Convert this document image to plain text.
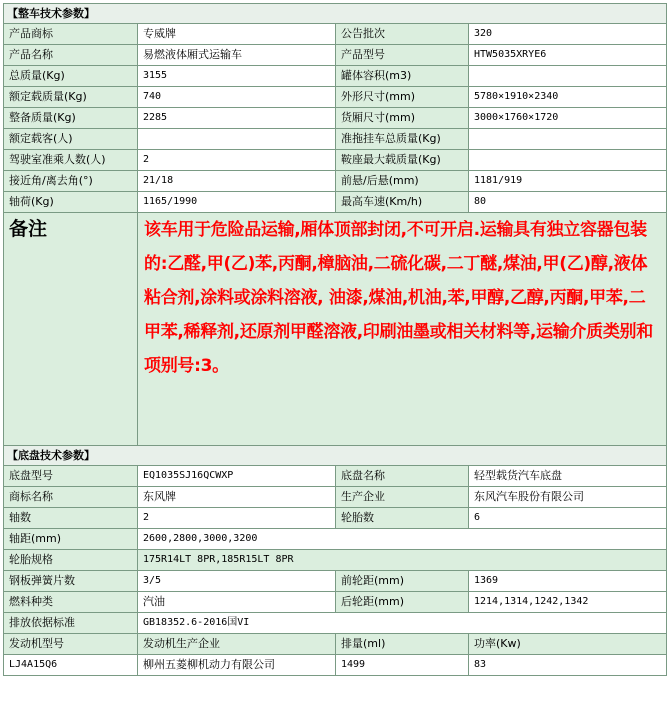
【整车技术参数】			
产品商标	专威牌	公告批次	320
产品名称	易燃液体厢式运输车	产品型号	HTW5035XRYE6
总质量(Kg)	3155	罐体容积(m3)	
额定载质量(Kg)	740	外形尺寸(mm)	5780×1910×2340
整备质量(Kg)	2285	货厢尺寸(mm)	3000×1760×1720
额定载客(人)		准拖挂车总质量(Kg)	
驾驶室准乘人数(人)	2	鞍座最大载质量(Kg)	
接近角/离去角(°)	21/18	前悬/后悬(mm)	1181/919
轴荷(Kg)	1165/1990	最高车速(Km/h)	80
备注	该车用于危险品运输,厢体顶部封闭,不可开启.运输具有独立容器包装的:乙醛,甲(乙)苯,丙酮,樟脑油,二硫化碳,二丁醚,煤油,甲(乙)醇,液体粘合剂,涂料或涂料溶液, 油漆,煤油,机油,苯,甲醇,乙醇,丙酮,甲苯,二甲苯,稀释剂,还原剂甲醛溶液,印刷油墨或相关材料等,运输介质类别和项别号:3。		
【底盘技术参数】			
底盘型号	EQ1035SJ16QCWXP	底盘名称	轻型载货汽车底盘
商标名称	东风牌	生产企业	东风汽车股份有限公司
轴数	2	轮胎数	6
轴距(mm)	2600,2800,3000,3200		
轮胎规格	175R14LT 8PR,185R15LT 8PR		
钢板弹簧片数	3/5	前轮距(mm)	1369
燃料种类	汽油	后轮距(mm)	1214,1314,1242,1342
排放依据标准	GB18352.6-2016国VI		
发动机型号	发动机生产企业	排量(ml)	功率(Kw)
LJ4A15Q6	柳州五菱柳机动力有限公司	1499	83
